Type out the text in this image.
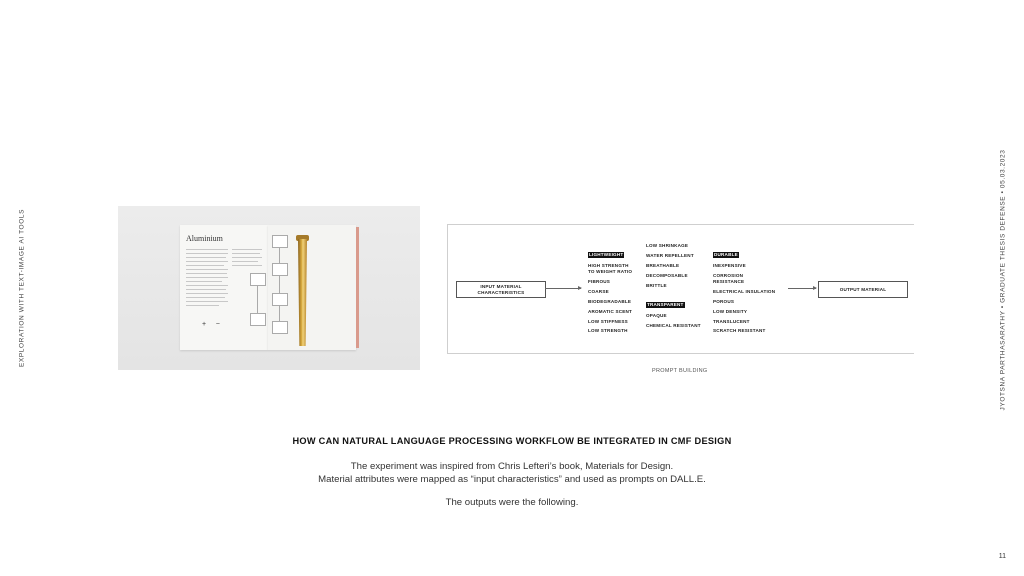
EXPLORATION WITH TEXT-IMAGE AI TOOLS	JYOTSNA PARTHASARATHY • GRADUATE THESIS DEFENSE • 05.03.2023
Aluminium
+     −
INPUT MATERIAL
CHARACTERISTICS
LIGHTWEIGHT

HIGH STRENGTH
TO WEIGHT RATIO
FIBROUS
COARSE
BIODEGRADABLE
AROMATIC SCENT
LOW STIFFNESS
LOW STRENGTH
LOW SHRINKAGE
WATER REPELLENT
BREATHABLE
DECOMPOSABLE
BRITTLE
TRANSPARENT

OPAQUE
CHEMICAL RESISTANT
DURABLE

INEXPENSIVE
CORROSION
RESISTANCE
ELECTRICAL INSULATION
POROUS
LOW DENSITY
TRANSLUCENT
SCRATCH RESISTANT
OUTPUT MATERIAL
PROMPT BUILDING
HOW CAN NATURAL LANGUAGE PROCESSING WORKFLOW BE INTEGRATED IN CMF DESIGN
The experiment was inspired from Chris Lefteri’s book, Materials for Design.
Material attributes were mapped as “input characteristics” and used as prompts on DALL.E.
The outputs were the following.
11
